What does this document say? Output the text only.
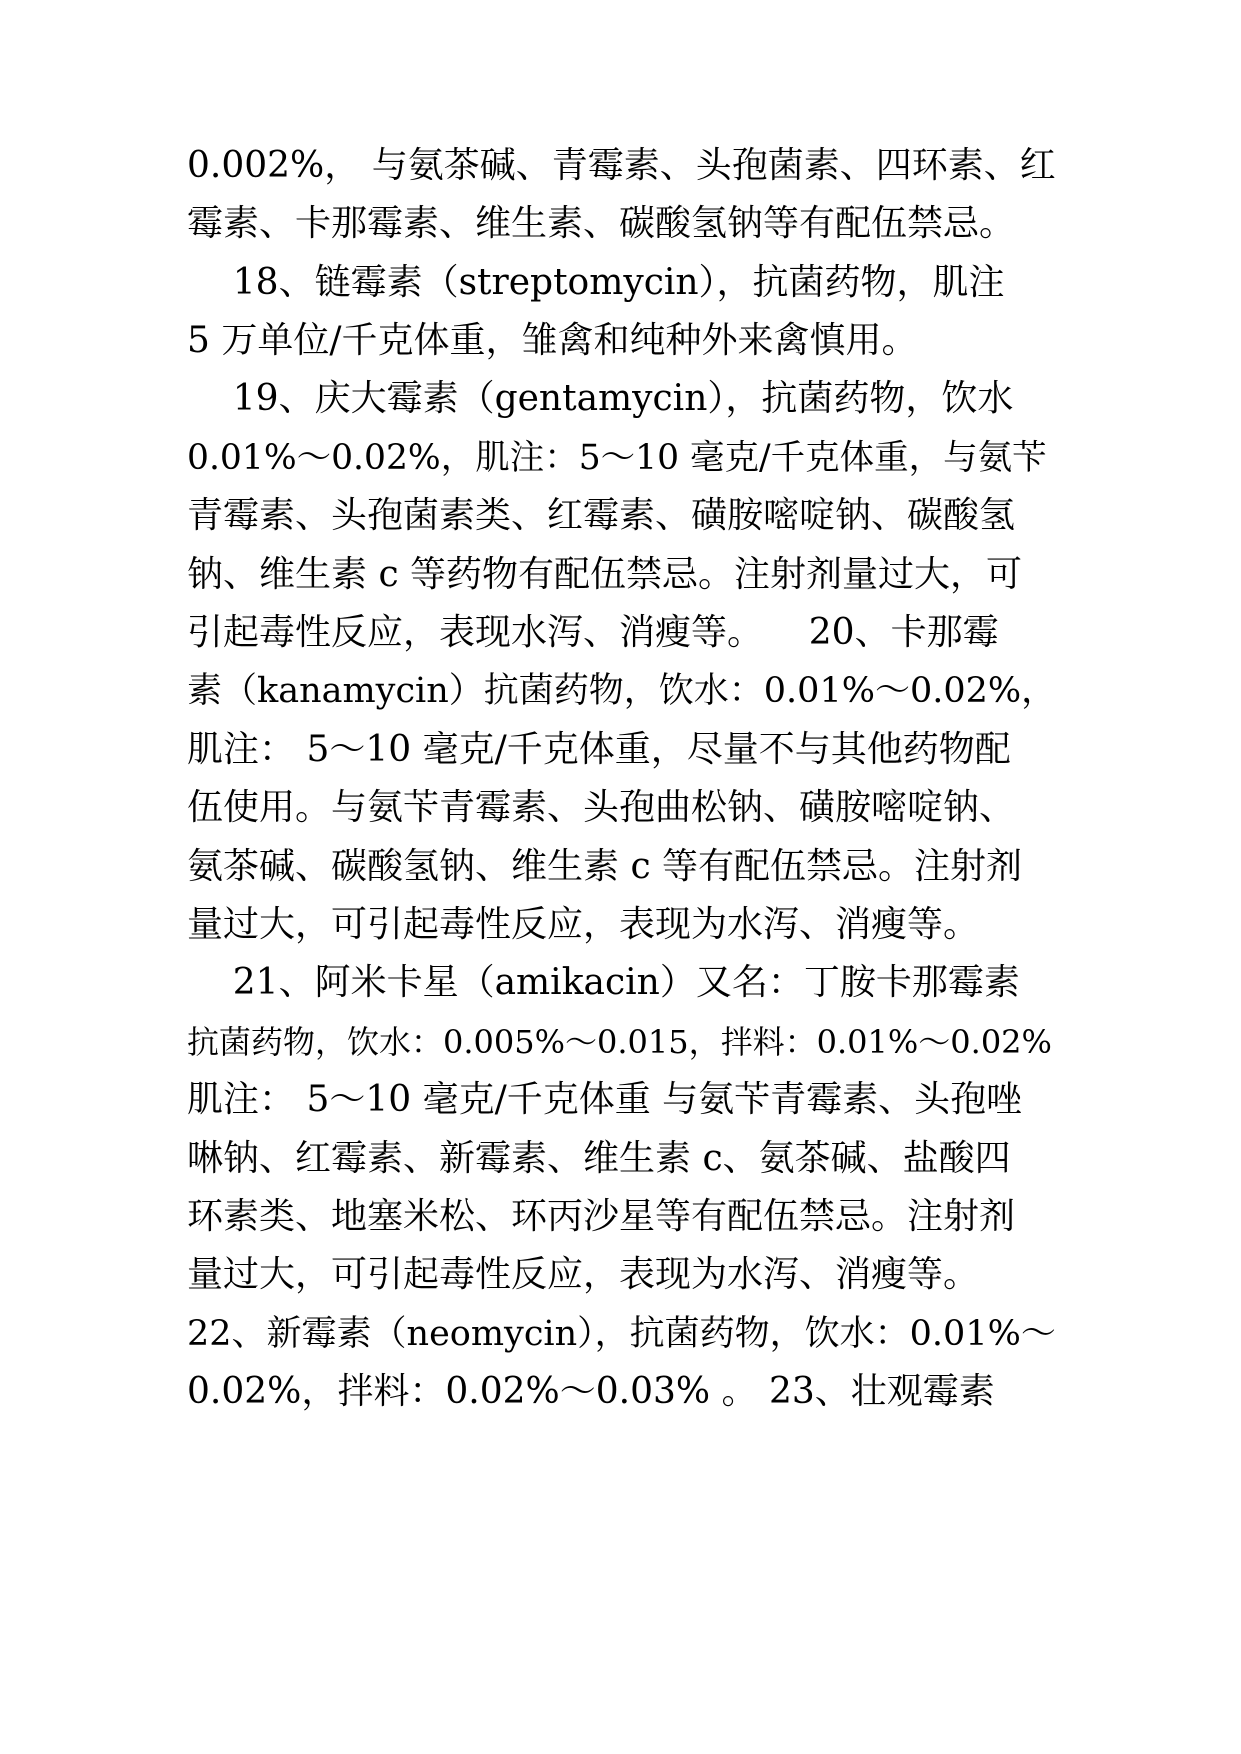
0.002%， 与氨茶碱、青霉素、头孢菌素、四环素、红
霉素、卡那霉素、维生素、碳酸氢钠等有配伍禁忌。
18、链霉素（streptomycin），抗菌药物，肌注
5 万单位/千克体重，雏禽和纯种外来禽慎用。
19、庆大霉素（gentamycin），抗菌药物，饮水
0.01%～0.02%，肌注：5～10 毫克/千克体重，与氨苄
青霉素、头孢菌素类、红霉素、磺胺嘧啶钠、碳酸氢
钠、维生素 c 等药物有配伍禁忌。注射剂量过大，可
引起毒性反应，表现水泻、消瘦等。    20、卡那霉
素（kanamycin）抗菌药物，饮水：0.01%～0.02%，
肌注： 5～10 毫克/千克体重，尽量不与其他药物配
伍使用。与氨苄青霉素、头孢曲松钠、磺胺嘧啶钠、
氨茶碱、碳酸氢钠、维生素 c 等有配伍禁忌。注射剂
量过大，可引起毒性反应，表现为水泻、消瘦等。
21、阿米卡星（amikacin）又名：丁胺卡那霉素
抗菌药物，饮水：0.005%～0.015，拌料：0.01%～0.02%
肌注： 5～10 毫克/千克体重 与氨苄青霉素、头孢唑
啉钠、红霉素、新霉素、维生素 c、氨茶碱、盐酸四
环素类、地塞米松、环丙沙星等有配伍禁忌。注射剂
量过大，可引起毒性反应，表现为水泻、消瘦等。
22、新霉素（neomycin），抗菌药物，饮水：0.01%～
0.02%，拌料：0.02%～0.03% 。 23、壮观霉素
